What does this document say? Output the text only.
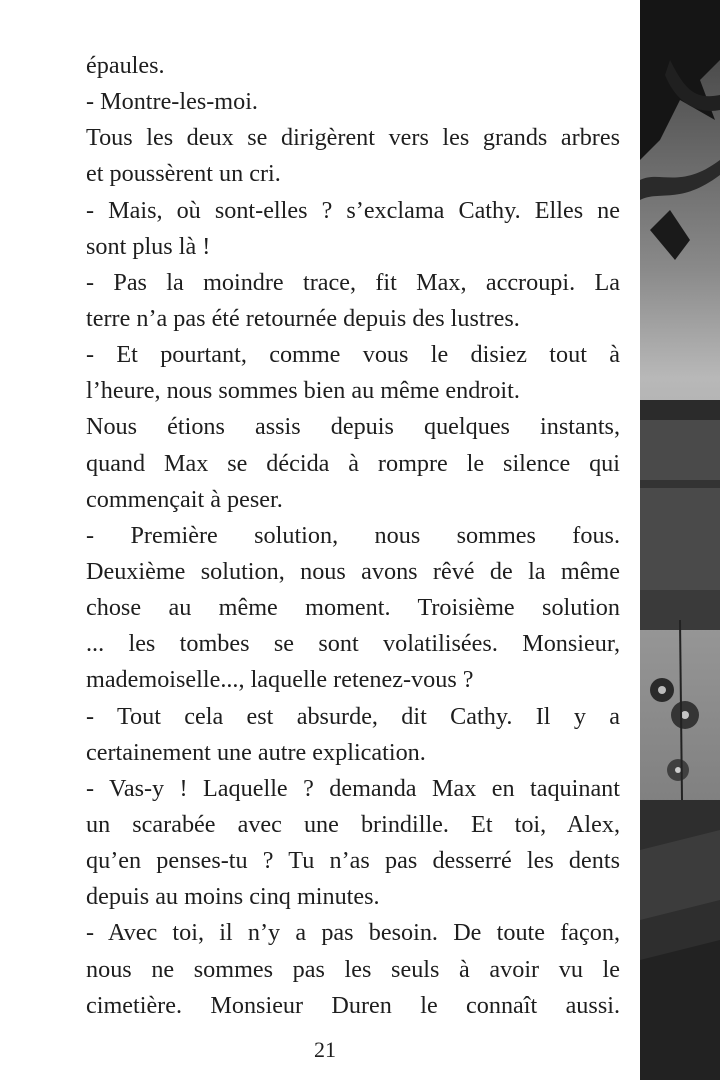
épaules.
- Montre-les-moi.
Tous les deux se dirigèrent vers les grands arbres
et poussèrent un cri.
- Mais, où sont-elles ? s’exclama Cathy. Elles ne
sont plus là !
- Pas la moindre trace, fit Max, accroupi. La
terre n’a pas été retournée depuis des lustres.
- Et pourtant, comme vous le disiez tout à
l’heure, nous sommes bien au même endroit.
Nous étions assis depuis quelques instants,
quand Max se décida à rompre le silence qui
commençait à peser.
- Première solution, nous sommes fous.
Deuxième solution, nous avons rêvé de la même
chose au même moment. Troisième solution
... les tombes se sont volatilisées. Monsieur,
mademoiselle..., laquelle retenez-vous ?
- Tout cela est absurde, dit Cathy. Il y a
certainement une autre explication.
- Vas-y ! Laquelle ? demanda Max en taquinant
un scarabée avec une brindille. Et toi, Alex,
qu’en penses-tu ? Tu n’as pas desserré les dents
depuis au moins cinq minutes.
- Avec toi, il n’y a pas besoin. De toute façon,
nous ne sommes pas les seuls à avoir vu le
cimetière. Monsieur Duren le connaît aussi.
21
